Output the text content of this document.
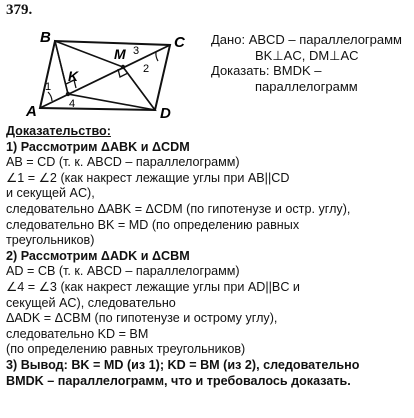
379.
A
B	C
D
K
M
1
2
3
4
Дано: ABCD – параллелограмм
BK⊥AC, DM⊥AC
Доказать: BMDK –
параллелограмм
Доказательство:
1) Рассмотрим ΔABK и ΔCDM
AB = CD (т. к. ABCD – параллелограмм)
∠1 = ∠2 (как накрест лежащие углы при AB||CD
и секущей AC),
следовательно ΔABK = ΔCDM (по гипотенузе и остр. углу),
следовательно BK = MD (по определению равных
треугольников)
2) Рассмотрим ΔADK и ΔCBM
AD = CB (т. к. ABCD – параллелограмм)
∠4 = ∠3 (как накрест лежащие углы при AD||BC и
секущей AC), следовательно
ΔADK = ΔCBM (по гипотенузе и острому углу),
следовательно KD = BM
(по определению равных треугольников)
3) Вывод: BK = MD (из 1); KD = BM (из 2), следовательно
BMDK – параллелограмм, что и требовалось доказать.
